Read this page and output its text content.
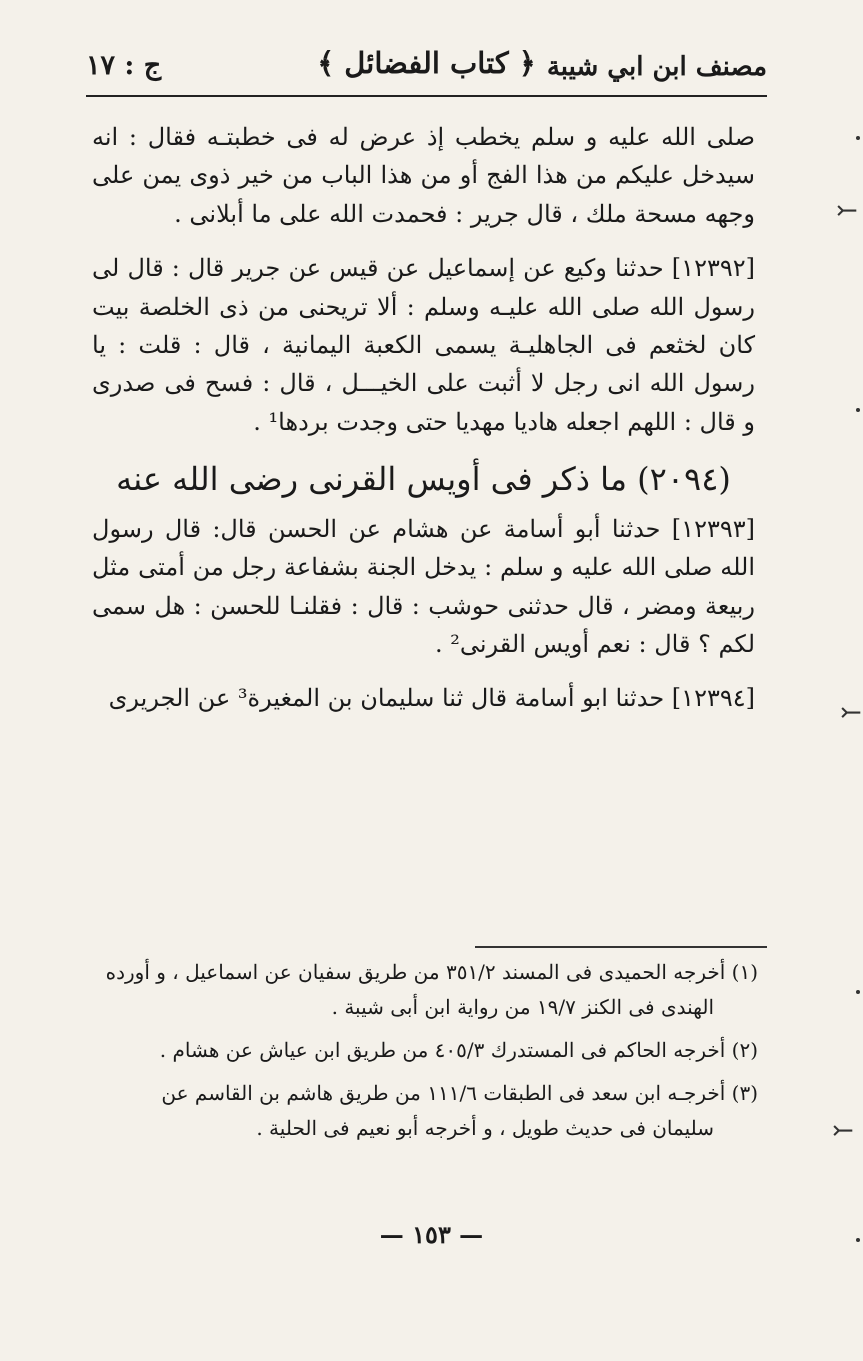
ج : ١٧	﴿ كتاب الفضائل ﴾ مصنف ابن ابي شيبة

صلى الله عليه و سلم يخطب إذ عرض له فى خطبتـه فقال : انه سيدخل عليكم من هذا الفج أو من هذا الباب من خير ذوى يمن على وجهه مسحة ملك ، قال جرير : فحمدت الله على ما أبلانى .

[١٢٣٩٢] حدثنا وكيع عن إسماعيل عن قيس عن جرير قال : قال لى رسول الله صلى الله عليـه وسلم : ألا تريحنى من ذى الخلصة بيت كان لخثعم فى الجاهليـة يسمى الكعبة اليمانية ، قال : قلت : يا رسول الله انى رجل لا أثبت على الخيـــل ، قال : فسح فى صدرى و قال : اللهم اجعله هاديا مهديا حتى وجدت بردها¹ .

(٢٠٩٤) ما ذكر فى أويس القرنى رضى الله عنه

[١٢٣٩٣] حدثنا أبو أسامة عن هشام عن الحسن قال: قال رسول الله صلى الله عليه و سلم : يدخل الجنة بشفاعة رجل من أمتى مثل ربيعة ومضر ، قال حدثنى حوشب : قال : فقلنـا للحسن : هل سمى لكم ؟ قال : نعم أويس القرنى² .

[١٢٣٩٤] حدثنا ابو أسامة قال ثنا سليمان بن المغيرة³ عن الجريرى

(١) أخرجه الحميدى فى المسند ٣٥١/٢ من طريق سفيان عن اسماعيل ، و أورده الهندى فى الكنز ١٩/٧ من رواية ابن أبى شيبة .

(٢) أخرجه الحاكم فى المستدرك ٤٠٥/٣ من طريق ابن عياش عن هشام .

(٣) أخرجـه ابن سعد فى الطبقات ١١١/٦ من طريق هاشم بن القاسم عن سليمان فى حديث طويل ، و أخرجه أبو نعيم فى الحلية .

— ١٥٣ —
⤚
⤚
⤚
